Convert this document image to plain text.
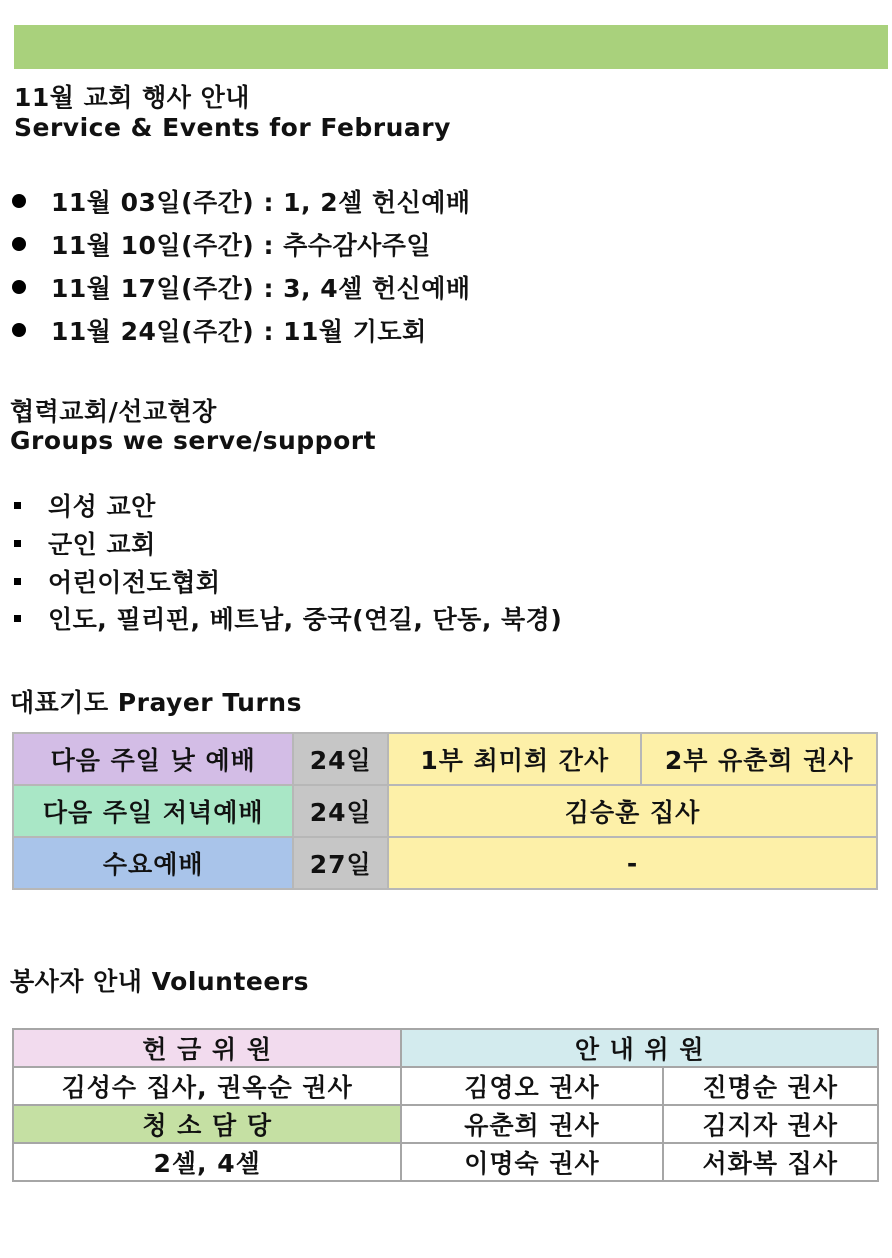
11월 교회 행사 안내
Service & Events for February
11월 03일(주간) : 1, 2셀 헌신예배
11월 10일(주간) : 추수감사주일
11월 17일(주간) : 3, 4셀 헌신예배
11월 24일(주간) : 11월 기도회
협력교회/선교현장
Groups we serve/support
의성 교안
군인 교회
어린이전도협회
인도, 필리핀, 베트남, 중국(연길, 단동, 북경)
대표기도 Prayer Turns
다음 주일 낮 예배	24일	1부 최미희 간사	2부 유춘희 권사
다음 주일 저녁예배	24일	김승훈 집사	
수요예배	27일	-	
봉사자 안내 Volunteers
헌 금 위 원	안 내 위 원	
김성수 집사, 권옥순 권사	김영오 권사	진명순 권사
청 소 담 당	유춘희 권사	김지자 권사
2셀, 4셀	이명숙 권사	서화복 집사
